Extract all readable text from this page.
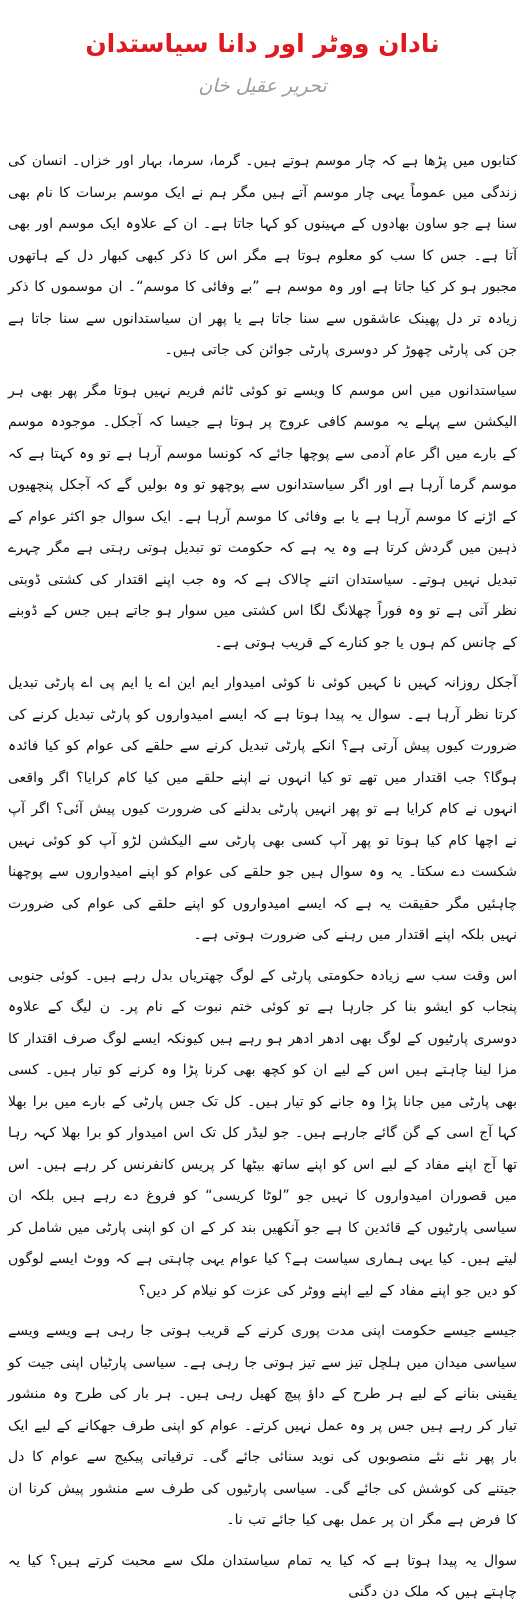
نادان ووٹر اور دانا سیاستدان
تحریر عقیل خان

کتابوں میں پڑھا ہے کہ چار موسم ہوتے ہیں۔ گرما، سرما، بہار اور خزاں۔ انسان کی زندگی میں عموماً یہی چار موسم آتے ہیں مگر ہم نے ایک موسم برسات کا نام بھی سنا ہے جو ساون بھادوں کے مہینوں کو کہا جاتا ہے۔ ان کے علاوہ ایک موسم اور بھی آتا ہے۔ جس کا سب کو معلوم ہوتا ہے مگر اس کا ذکر کبھی کبھار دل کے ہاتھوں مجبور ہو کر کیا جاتا ہے اور وہ موسم ہے ”بے وفائی کا موسم“۔ ان موسموں کا ذکر زیادہ تر دل پھینک عاشقوں سے سنا جاتا ہے یا پھر ان سیاستدانوں سے سنا جاتا ہے جن کی پارٹی چھوڑ کر دوسری پارٹی جوائن کی جاتی ہیں۔

سیاستدانوں میں اس موسم کا ویسے تو کوئی ٹائم فریم نہیں ہوتا مگر پھر بھی ہر الیکشن سے پہلے یہ موسم کافی عروج پر ہوتا ہے جیسا کہ آجکل۔ موجودہ موسم کے بارے میں اگر عام آدمی سے پوچھا جائے کہ کونسا موسم آرہا ہے تو وہ کہتا ہے کہ موسم گرما آرہا ہے اور اگر سیاستدانوں سے پوچھو تو وہ بولیں گے کہ آجکل پنچھیوں کے اڑنے کا موسم آرہا ہے یا بے وفائی کا موسم آرہا ہے۔ ایک سوال جو اکثر عوام کے ذہین میں گردش کرتا ہے وہ یہ ہے کہ حکومت تو تبدیل ہوتی رہتی ہے مگر چہرے تبدیل نہیں ہوتے۔ سیاستدان اتنے چالاک ہے کہ وہ جب اپنے اقتدار کی کشتی ڈوبتی نظر آتی ہے تو وہ فوراً چھلانگ لگا اس کشتی میں سوار ہو جاتے ہیں جس کے ڈوبنے کے چانس کم ہوں یا جو کنارے کے قریب ہوتی ہے۔

آجکل روزانہ کہیں نا کہیں کوئی نا کوئی امیدوار ایم این اے یا ایم پی اے پارٹی تبدیل کرتا نظر آرہا ہے۔ سوال یہ پیدا ہوتا ہے کہ ایسے امیدواروں کو پارٹی تبدیل کرنے کی ضرورت کیوں پیش آرتی ہے؟ انکے پارٹی تبدیل کرنے سے حلقے کی عوام کو کیا فائدہ ہوگا؟ جب اقتدار میں تھے تو کیا انہوں نے اپنے حلقے میں کیا کام کرایا؟ اگر واقعی انہوں نے کام کرایا ہے تو پھر انہیں پارٹی بدلنے کی ضرورت کیوں پیش آئی؟ اگر آپ نے اچھا کام کیا ہوتا تو پھر آپ کسی بھی پارٹی سے الیکشن لڑو آپ کو کوئی نہیں شکست دے سکتا۔ یہ وہ سوال ہیں جو حلقے کی عوام کو اپنے امیدواروں سے پوچھنا چاہئیں مگر حقیقت یہ ہے کہ ایسے امیدواروں کو اپنے حلقے کی عوام کی ضرورت نہیں بلکہ اپنے اقتدار میں رہنے کی ضرورت ہوتی ہے۔

اس وقت سب سے زیادہ حکومتی پارٹی کے لوگ چھتریاں بدل رہے ہیں۔ کوئی جنوبی پنجاب کو ایشو بنا کر جارہا ہے تو کوئی ختم نبوت کے نام پر۔ ن لیگ کے علاوہ دوسری پارٹیوں کے لوگ بھی ادھر ادھر ہو رہے ہیں کیونکہ ایسے لوگ صرف اقتدار کا مزا لینا چاہتے ہیں اس کے لیے ان کو کچھ بھی کرنا پڑا وہ کرنے کو تیار ہیں۔ کسی بھی پارٹی میں جانا پڑا وہ جانے کو تیار ہیں۔ کل تک جس پارٹی کے بارے میں برا بھلا کہا آج اسی کے گن گائے جارہے ہیں۔ جو لیڈر کل تک اس امیدوار کو برا بھلا کہہ رہا تھا آج اپنے مفاد کے لیے اس کو اپنے ساتھ بیٹھا کر پریس کانفرنس کر رہے ہیں۔ اس میں قصوران امیدواروں کا نہیں جو ”لوٹا کریسی“ کو فروغ دے رہے ہیں بلکہ ان سیاسی پارٹیوں کے قائدین کا ہے جو آنکھیں بند کر کے ان کو اپنی پارٹی میں شامل کر لیتے ہیں۔ کیا یہی ہماری سیاست ہے؟ کیا عوام یہی چاہتی ہے کہ ووٹ ایسے لوگوں کو دیں جو اپنے مفاد کے لیے اپنے ووٹر کی عزت کو نیلام کر دیں؟

جیسے جیسے حکومت اپنی مدت پوری کرنے کے قریب ہوتی جا رہی ہے ویسے ویسے سیاسی میدان میں ہلچل تیز سے تیز ہوتی جا رہی ہے۔ سیاسی پارٹیاں اپنی جیت کو یقینی بنانے کے لیے ہر طرح کے داؤ پیچ کھیل رہی ہیں۔ ہر بار کی طرح وہ منشور تیار کر رہے ہیں جس پر وہ عمل نہیں کرتے۔ عوام کو اپنی طرف جھکانے کے لیے ایک بار پھر نئے نئے منصوبوں کی نوید سنائی جائے گی۔ ترقیاتی پیکیج سے عوام کا دل جیتنے کی کوشش کی جائے گی۔ سیاسی پارٹیوں کی طرف سے منشور پیش کرنا ان کا فرض ہے مگر ان پر عمل بھی کیا جائے تب نا۔

سوال یہ پیدا ہوتا ہے کہ کیا یہ تمام سیاستدان ملک سے محبت کرتے ہیں؟ کیا یہ چاہتے ہیں کہ ملک دن دگنی
